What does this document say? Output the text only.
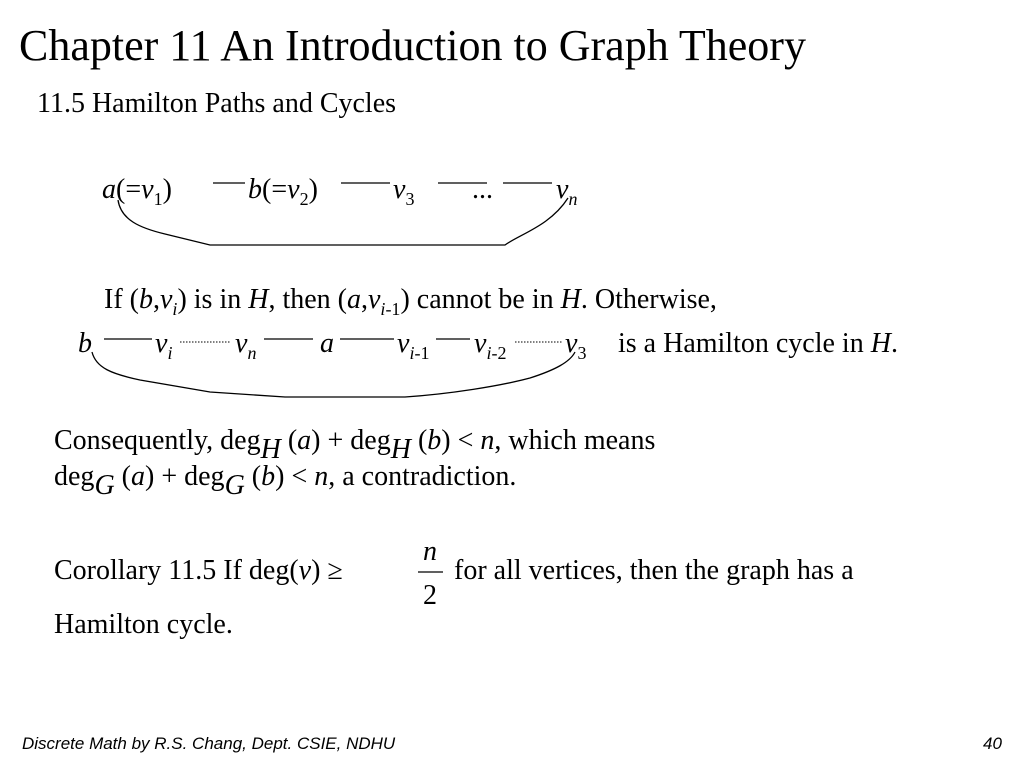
Chapter 11 An Introduction to Graph Theory
11.5 Hamilton Paths and Cycles
$a(=v_1)$	$b(=v_2)$	$v_3$ ... $v_n$
If $(b,v_i)$ is in H, then $(a,v_{i-1})$ cannot be in H. Otherwise,
b $v_i$ $v_n$ a $v_{i-1}$ $v_{i-2}$ $v_3$ is a Hamilton cycle in H.
Consequently, degH (a) + degH (b) < n, which means
degG (a) + degG (b) < n, a contradiction.
Corollary 11.5 If deg(v) ≥
n
2
for all vertices, then the graph has a
Hamilton cycle.
Discrete Math by R.S. Chang, Dept. CSIE, NDHU	40
